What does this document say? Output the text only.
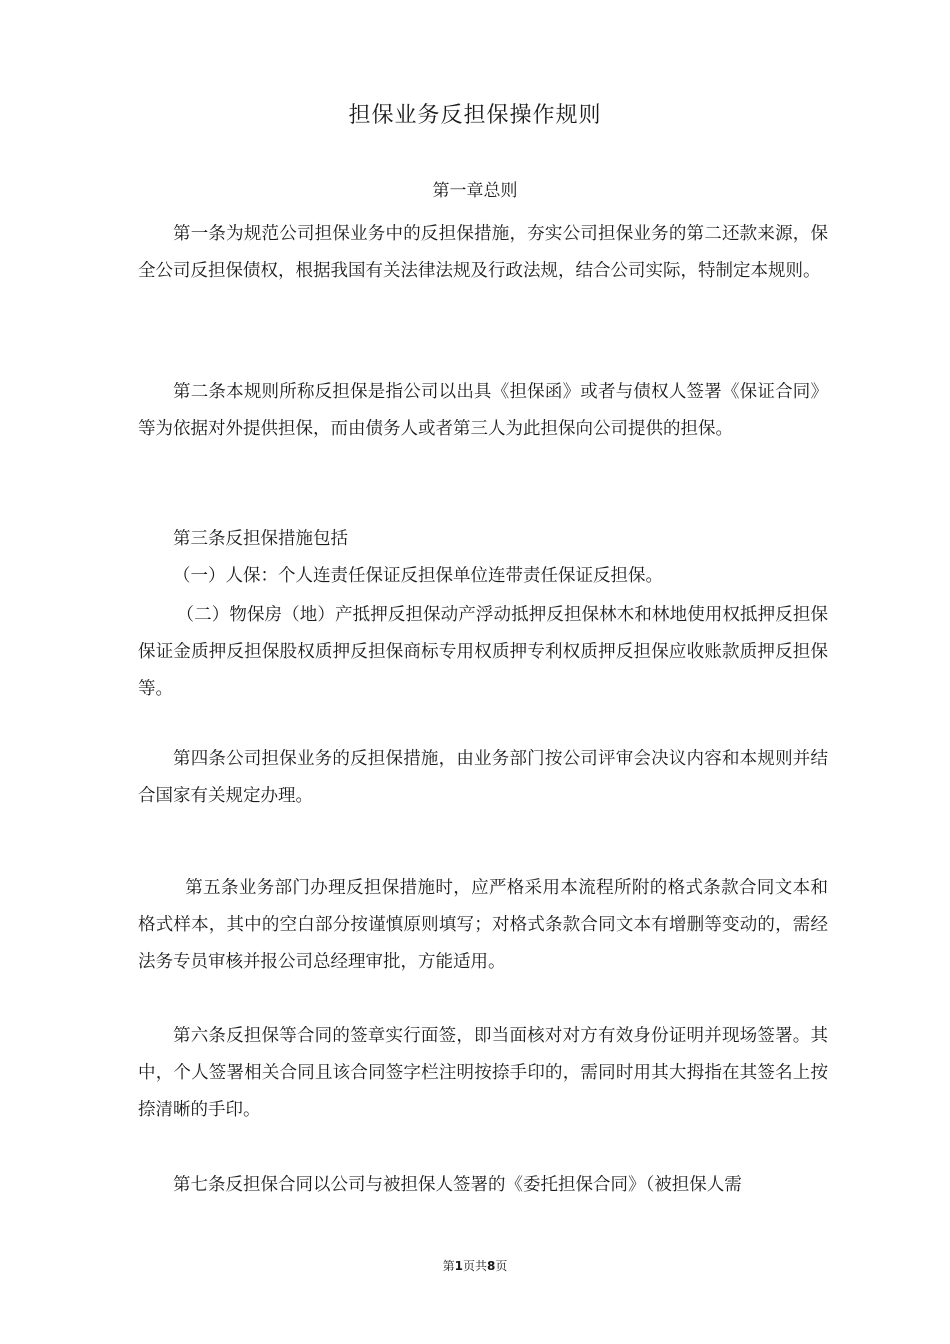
担保业务反担保操作规则
第一章总则

第一条为规范公司担保业务中的反担保措施，夯实公司担保业务的第二还款来源，保全公司反担保债权，根据我国有关法律法规及行政法规，结合公司实际，特制定本规则。

第二条本规则所称反担保是指公司以出具《担保函》或者与债权人签署《保证合同》等为依据对外提供担保，而由债务人或者第三人为此担保向公司提供的担保。

第三条反担保措施包括

（一）人保：个人连责任保证反担保单位连带责任保证反担保。

（二）物保房（地）产抵押反担保动产浮动抵押反担保林木和林地使用权抵押反担保保证金质押反担保股权质押反担保商标专用权质押专利权质押反担保应收账款质押反担保等。

第四条公司担保业务的反担保措施，由业务部门按公司评审会决议内容和本规则并结合国家有关规定办理。

第五条业务部门办理反担保措施时，应严格采用本流程所附的格式条款合同文本和格式样本，其中的空白部分按谨慎原则填写；对格式条款合同文本有增删等变动的，需经法务专员审核并报公司总经理审批，方能适用。

第六条反担保等合同的签章实行面签，即当面核对对方有效身份证明并现场签署。其中，个人签署相关合同且该合同签字栏注明按捺手印的，需同时用其大拇指在其签名上按捺清晰的手印。

第七条反担保合同以公司与被担保人签署的《委托担保合同》（被担保人需

第1页共8页
